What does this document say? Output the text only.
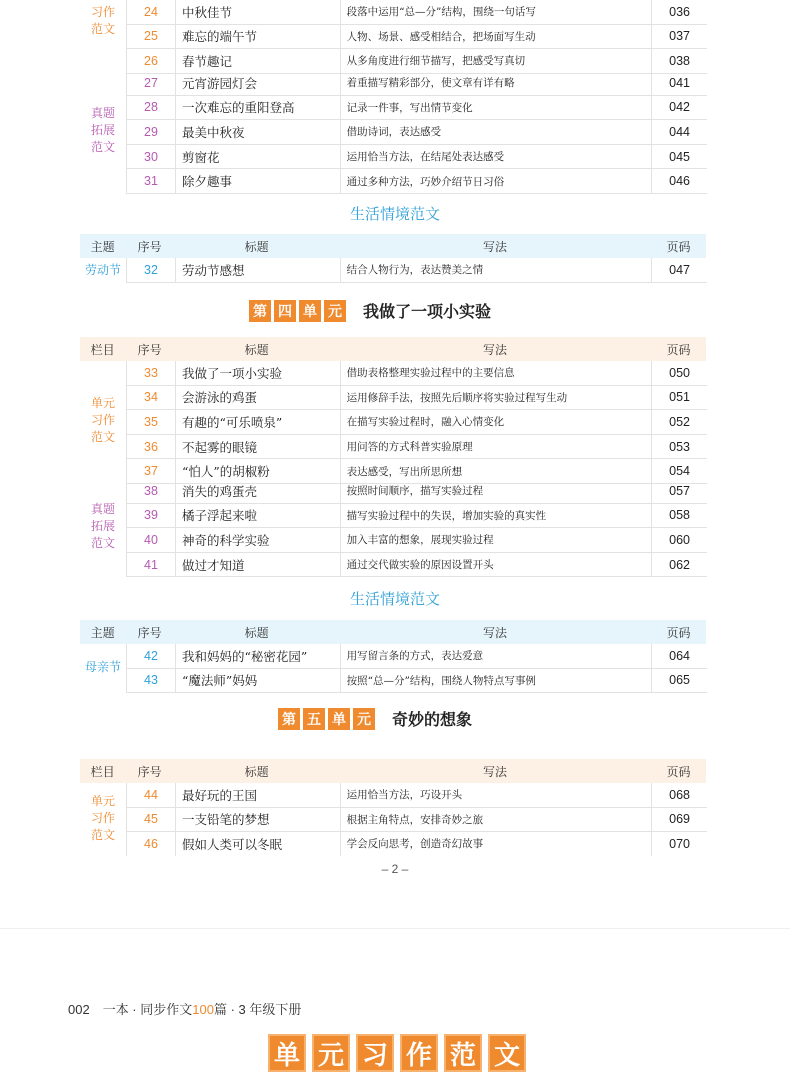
习作
范文
24	中秋佳节	段落中运用“总—分”结构，围绕一句话写	036
25	难忘的端午节	人物、场景、感受相结合，把场面写生动	037
26	春节趣记	从多角度进行细节描写，把感受写真切	038
真题
拓展
范文
27	元宵游园灯会	着重描写精彩部分，使文章有详有略	041
28	一次难忘的重阳登高	记录一件事，写出情节变化	042
29	最美中秋夜	借助诗词，表达感受	044
30	剪窗花	运用恰当方法，在结尾处表达感受	045
31	除夕趣事	通过多种方法，巧妙介绍节日习俗	046
生活情境范文
主题	序号	标题	写法	页码
劳动节	32	劳动节感想	结合人物行为，表达赞美之情	047
第 四 单 元 我做了一项小实验
栏目	序号	标题	写法	页码
单元
习作
范文
33	我做了一项小实验	借助表格整理实验过程中的主要信息	050
34	会游泳的鸡蛋	运用修辞手法，按照先后顺序将实验过程写生动	051
35	有趣的“可乐喷泉”	在描写实验过程时，融入心情变化	052
36	不起雾的眼镜	用问答的方式科普实验原理	053
37	“怕人”的胡椒粉	表达感受，写出所思所想	054
真题
拓展
范文
38	消失的鸡蛋壳	按照时间顺序，描写实验过程	057
39	橘子浮起来啦	描写实验过程中的失误，增加实验的真实性	058
40	神奇的科学实验	加入丰富的想象，展现实验过程	060
41	做过才知道	通过交代做实验的原因设置开头	062
生活情境范文
主题	序号	标题	写法	页码
母亲节
42	我和妈妈的“秘密花园”	用写留言条的方式，表达爱意	064
43	“魔法师”妈妈	按照“总—分”结构，围绕人物特点写事例	065
第 五 单 元 奇妙的想象
栏目	序号	标题	写法	页码
单元
习作
范文
44	最好玩的王国	运用恰当方法，巧设开头	068
45	一支铅笔的梦想	根据主角特点，安排奇妙之旅	069
46	假如人类可以冬眠	学会反向思考，创造奇幻故事	070
– 2 –
002　一本 · 同步作文100篇 · 3 年级下册
单 元 习 作 范 文
